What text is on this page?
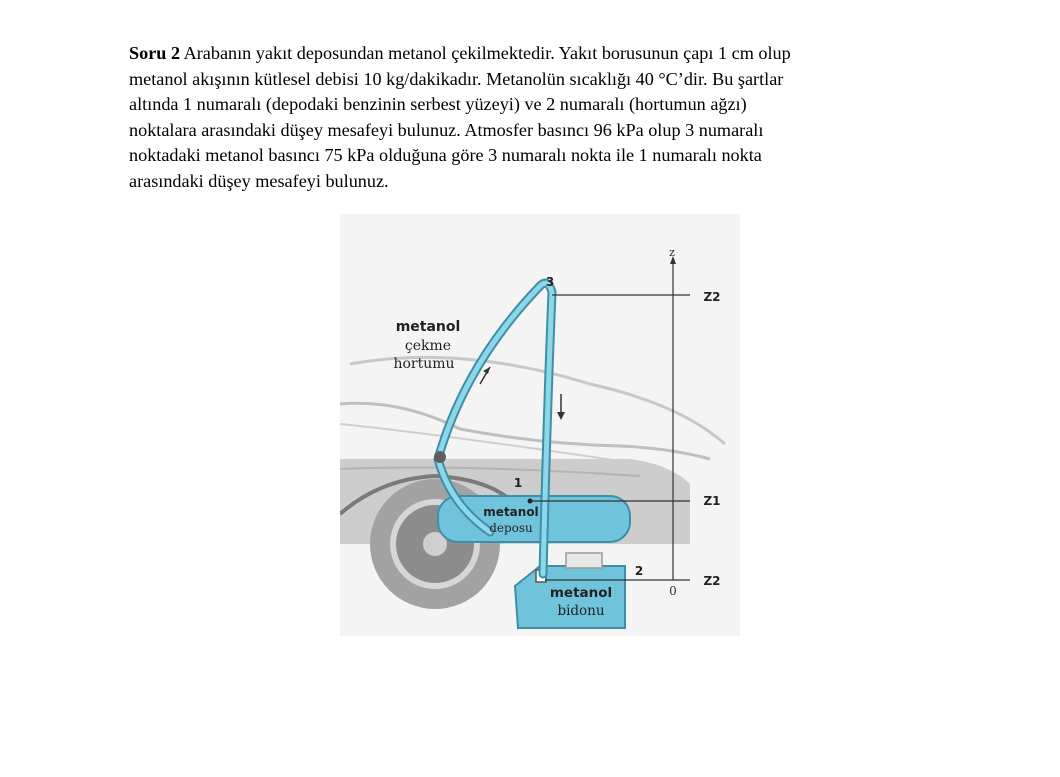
Soru 2 Arabanın yakıt deposundan metanol çekilmektedir. Yakıt borusunun çapı 1 cm olup
metanol akışının kütlesel debisi 10 kg/dakikadır. Metanolün sıcaklığı 40 °C’dir. Bu şartlar
altında 1 numaralı (depodaki benzinin serbest yüzeyi) ve 2 numaralı (hortumun ağzı)
noktalara arasındaki düşey mesafeyi bulunuz. Atmosfer basıncı 96 kPa olup 3 numaralı
noktadaki metanol basıncı 75 kPa olduğuna göre 3 numaralı nokta ile 1 numaralı nokta
arasındaki düşey mesafeyi bulunuz.
metanol
çekme
hortumu
metanol
deposu
metanol
bidonu
3
1
2
z
0
Z2
Z1
Z2
